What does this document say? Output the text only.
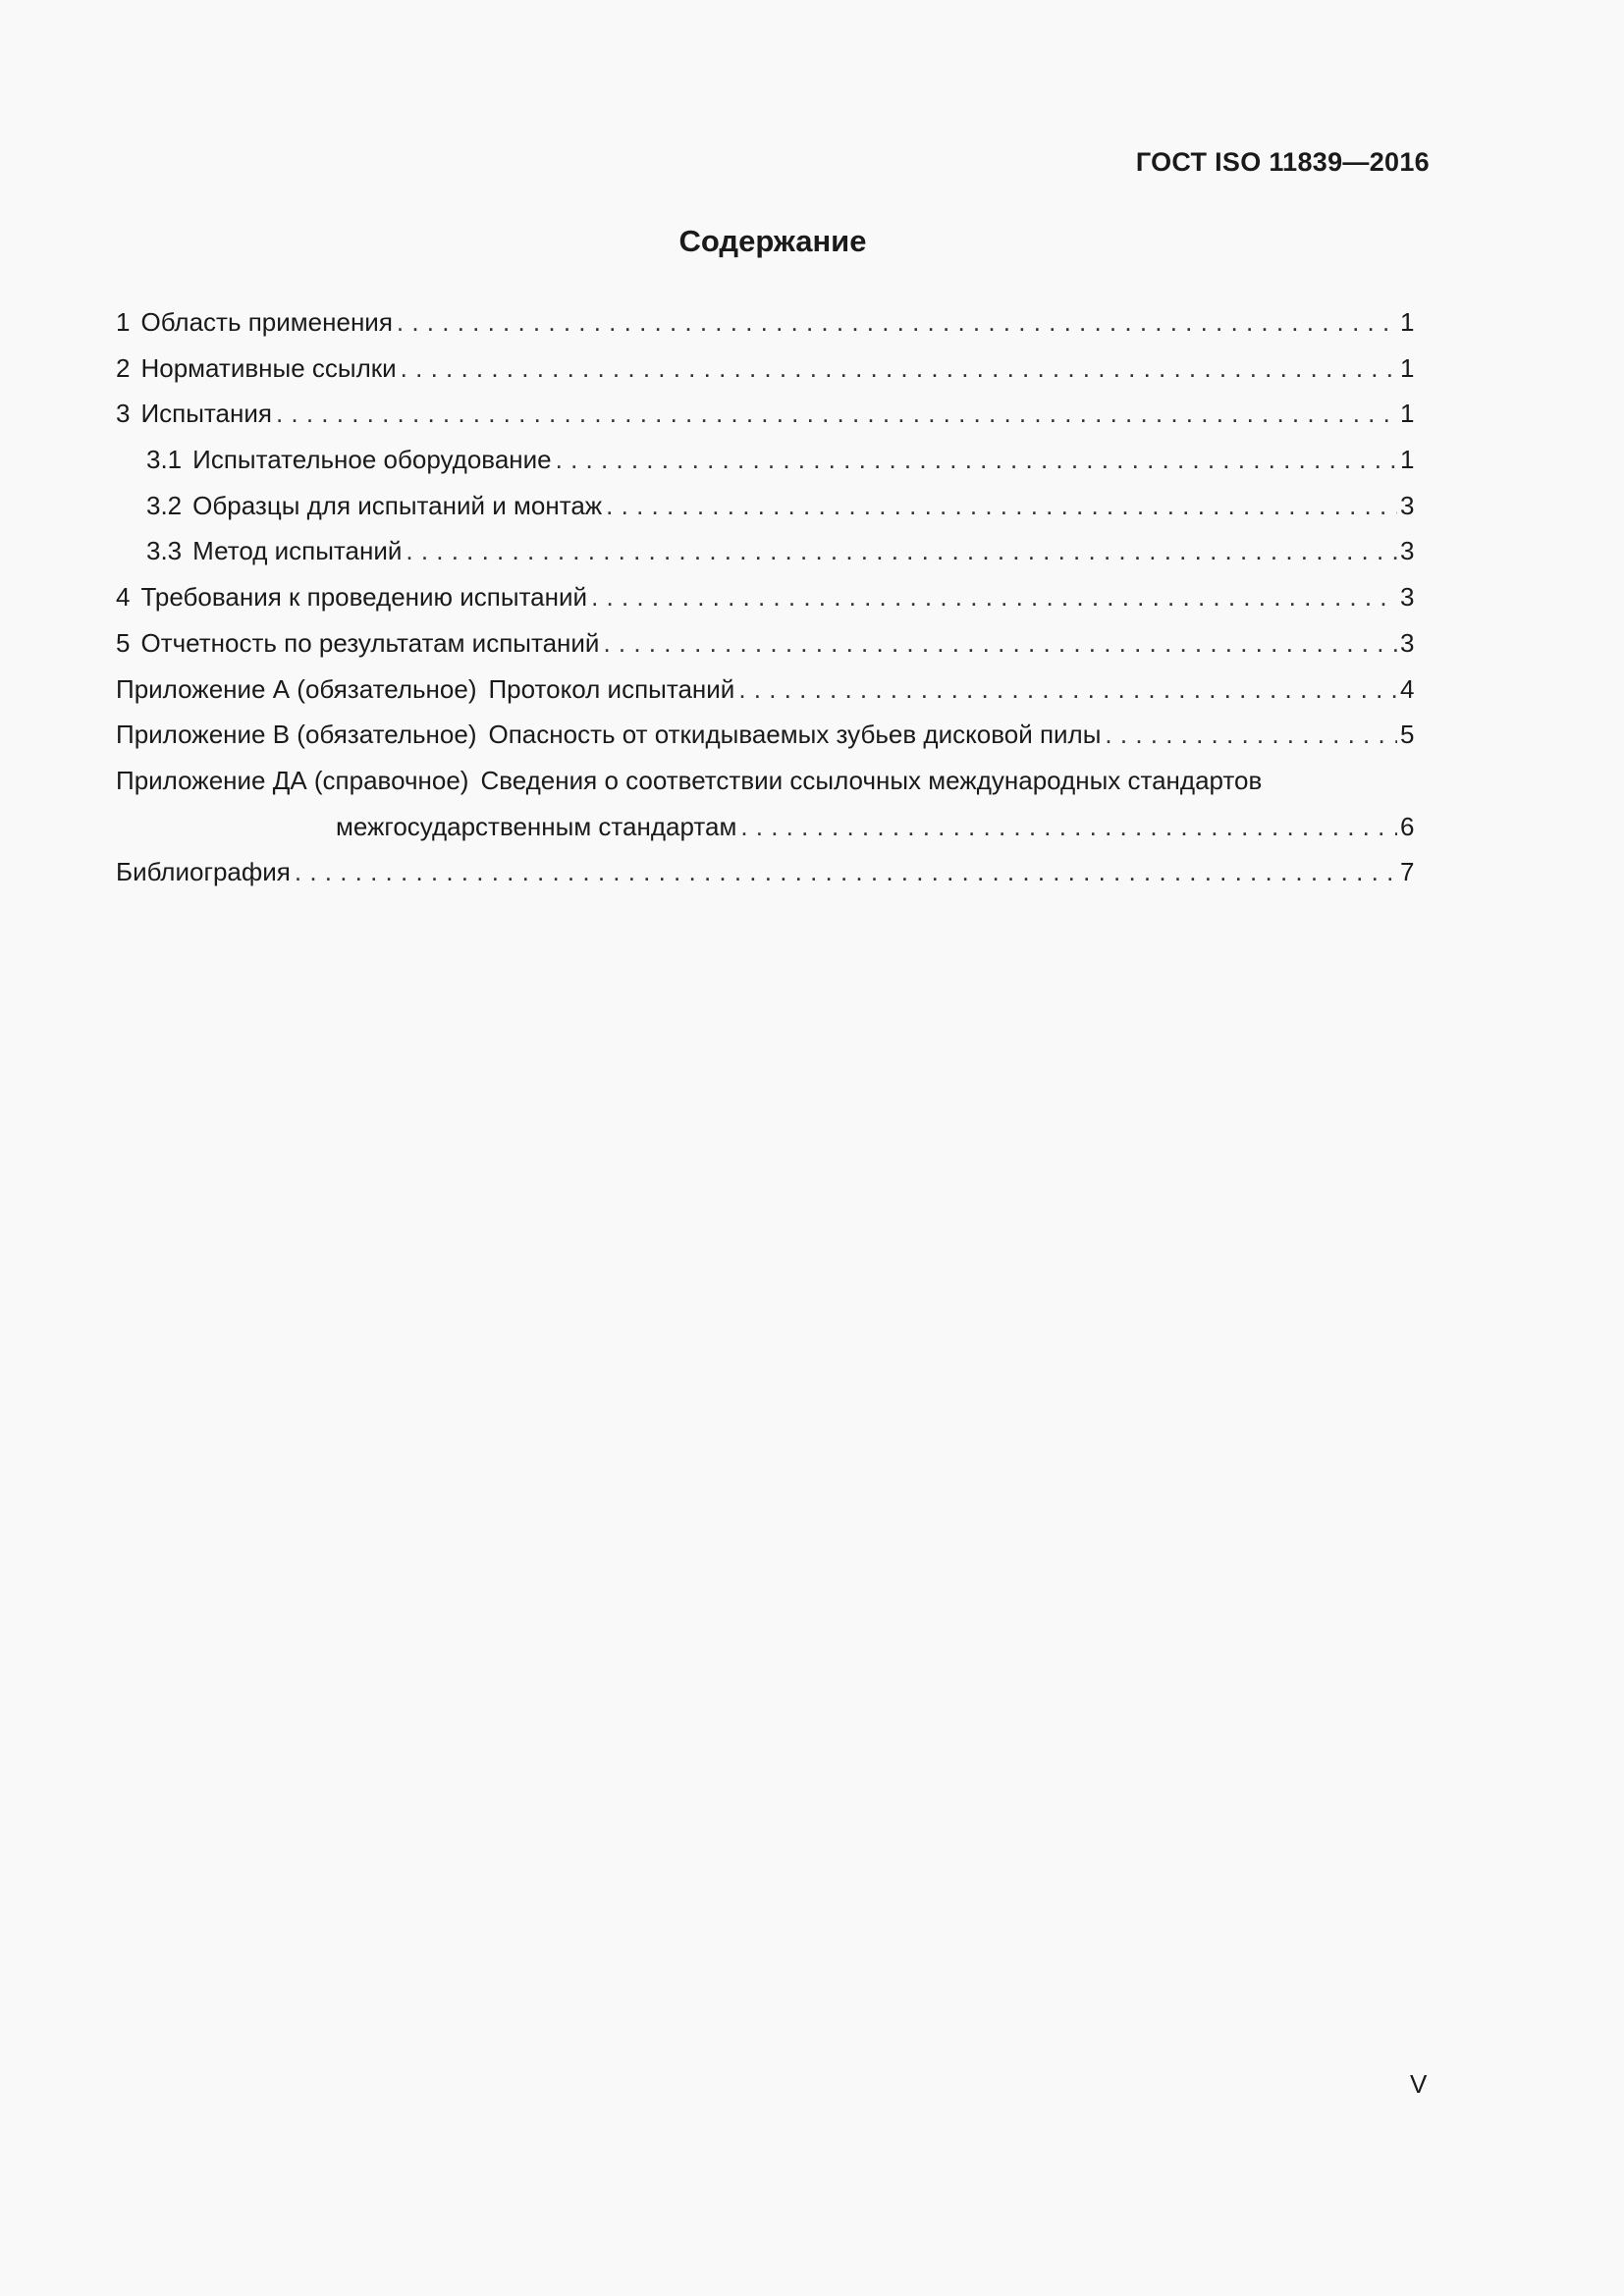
ГОСТ ISO 11839—2016
Содержание
1 Область применения . . .	1
2 Нормативные ссылки . . .	1
3 Испытания . . .	1
3.1 Испытательное оборудование . . .	1
3.2 Образцы для испытаний и монтаж . . .	3
3.3 Метод испытаний . . .	3
4 Требования к проведению испытаний . . .	3
5 Отчетность по результатам испытаний . . .	3
Приложение А (обязательное) Протокол испытаний . . .	4
Приложение В (обязательное) Опасность от откидываемых зубьев дисковой пилы . . .	5
Приложение ДА (справочное) Сведения о соответствии ссылочных международных стандартов
межгосударственным стандартам . . .	6
Библиография . . .	7
V
